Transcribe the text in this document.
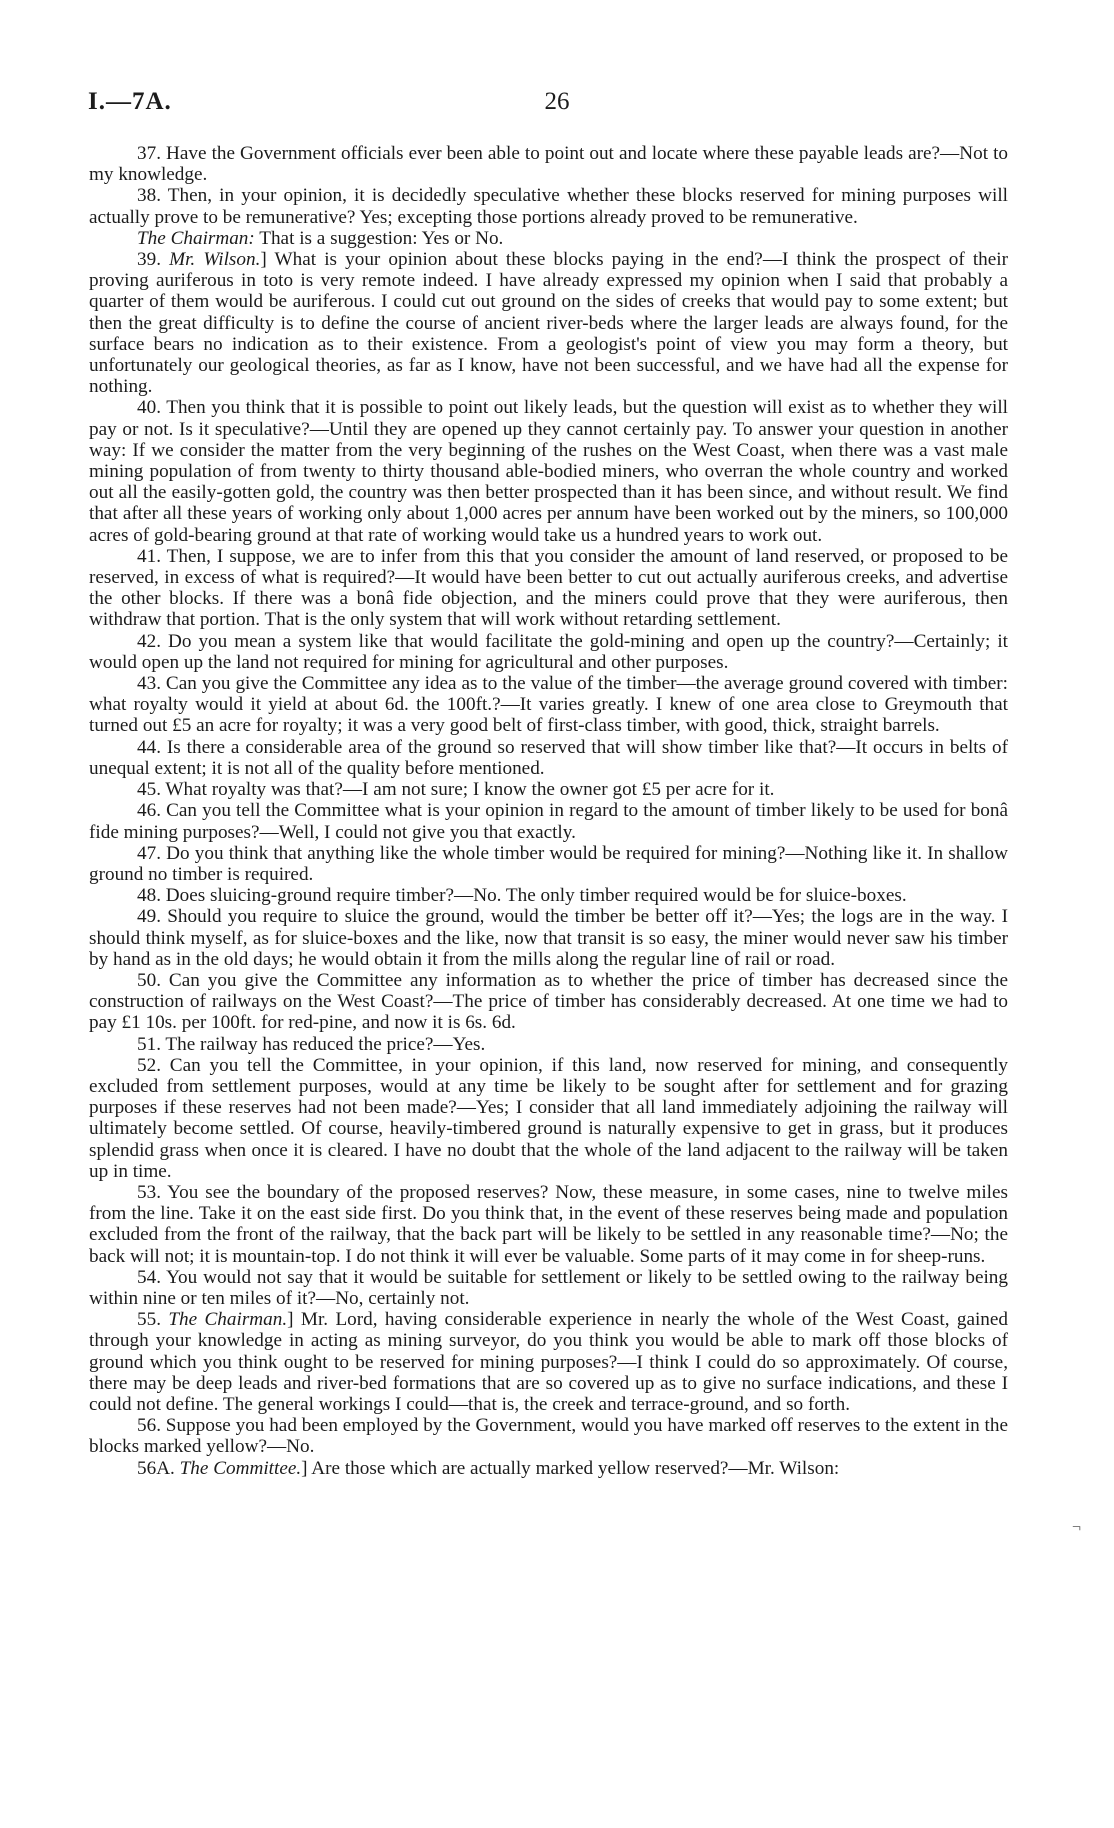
I.—7A.	26

37. Have the Government officials ever been able to point out and locate where these payable leads are?—Not to my knowledge.

38. Then, in your opinion, it is decidedly speculative whether these blocks reserved for mining purposes will actually prove to be remunerative? Yes; excepting those portions already proved to be remunerative.

The Chairman: That is a suggestion: Yes or No.

39. Mr. Wilson.] What is your opinion about these blocks paying in the end?—I think the prospect of their proving auriferous in toto is very remote indeed. I have already expressed my opinion when I said that probably a quarter of them would be auriferous. I could cut out ground on the sides of creeks that would pay to some extent; but then the great difficulty is to define the course of ancient river-beds where the larger leads are always found, for the surface bears no indication as to their existence. From a geologist's point of view you may form a theory, but unfortunately our geological theories, as far as I know, have not been successful, and we have had all the expense for nothing.

40. Then you think that it is possible to point out likely leads, but the question will exist as to whether they will pay or not. Is it speculative?—Until they are opened up they cannot certainly pay. To answer your question in another way: If we consider the matter from the very beginning of the rushes on the West Coast, when there was a vast male mining population of from twenty to thirty thousand able-bodied miners, who overran the whole country and worked out all the easily-gotten gold, the country was then better prospected than it has been since, and without result. We find that after all these years of working only about 1,000 acres per annum have been worked out by the miners, so 100,000 acres of gold-bearing ground at that rate of working would take us a hundred years to work out.

41. Then, I suppose, we are to infer from this that you consider the amount of land reserved, or proposed to be reserved, in excess of what is required?—It would have been better to cut out actually auriferous creeks, and advertise the other blocks. If there was a bonâ fide objection, and the miners could prove that they were auriferous, then withdraw that portion. That is the only system that will work without retarding settlement.

42. Do you mean a system like that would facilitate the gold-mining and open up the country?—Certainly; it would open up the land not required for mining for agricultural and other purposes.

43. Can you give the Committee any idea as to the value of the timber—the average ground covered with timber: what royalty would it yield at about 6d. the 100ft.?—It varies greatly. I knew of one area close to Greymouth that turned out £5 an acre for royalty; it was a very good belt of first-class timber, with good, thick, straight barrels.

44. Is there a considerable area of the ground so reserved that will show timber like that?—It occurs in belts of unequal extent; it is not all of the quality before mentioned.

45. What royalty was that?—I am not sure; I know the owner got £5 per acre for it.

46. Can you tell the Committee what is your opinion in regard to the amount of timber likely to be used for bonâ fide mining purposes?—Well, I could not give you that exactly.

47. Do you think that anything like the whole timber would be required for mining?—Nothing like it. In shallow ground no timber is required.

48. Does sluicing-ground require timber?—No. The only timber required would be for sluice-boxes.

49. Should you require to sluice the ground, would the timber be better off it?—Yes; the logs are in the way. I should think myself, as for sluice-boxes and the like, now that transit is so easy, the miner would never saw his timber by hand as in the old days; he would obtain it from the mills along the regular line of rail or road.

50. Can you give the Committee any information as to whether the price of timber has decreased since the construction of railways on the West Coast?—The price of timber has considerably decreased. At one time we had to pay £1 10s. per 100ft. for red-pine, and now it is 6s. 6d.

51. The railway has reduced the price?—Yes.

52. Can you tell the Committee, in your opinion, if this land, now reserved for mining, and consequently excluded from settlement purposes, would at any time be likely to be sought after for settlement and for grazing purposes if these reserves had not been made?—Yes; I consider that all land immediately adjoining the railway will ultimately become settled. Of course, heavily-timbered ground is naturally expensive to get in grass, but it produces splendid grass when once it is cleared. I have no doubt that the whole of the land adjacent to the railway will be taken up in time.

53. You see the boundary of the proposed reserves? Now, these measure, in some cases, nine to twelve miles from the line. Take it on the east side first. Do you think that, in the event of these reserves being made and population excluded from the front of the railway, that the back part will be likely to be settled in any reasonable time?—No; the back will not; it is mountain-top. I do not think it will ever be valuable. Some parts of it may come in for sheep-runs.

54. You would not say that it would be suitable for settlement or likely to be settled owing to the railway being within nine or ten miles of it?—No, certainly not.

55. The Chairman.] Mr. Lord, having considerable experience in nearly the whole of the West Coast, gained through your knowledge in acting as mining surveyor, do you think you would be able to mark off those blocks of ground which you think ought to be reserved for mining purposes?—I think I could do so approximately. Of course, there may be deep leads and river-bed formations that are so covered up as to give no surface indications, and these I could not define. The general workings I could—that is, the creek and terrace-ground, and so forth.

56. Suppose you had been employed by the Government, would you have marked off reserves to the extent in the blocks marked yellow?—No.

56A. The Committee.] Are those which are actually marked yellow reserved?—Mr. Wilson:

¬
